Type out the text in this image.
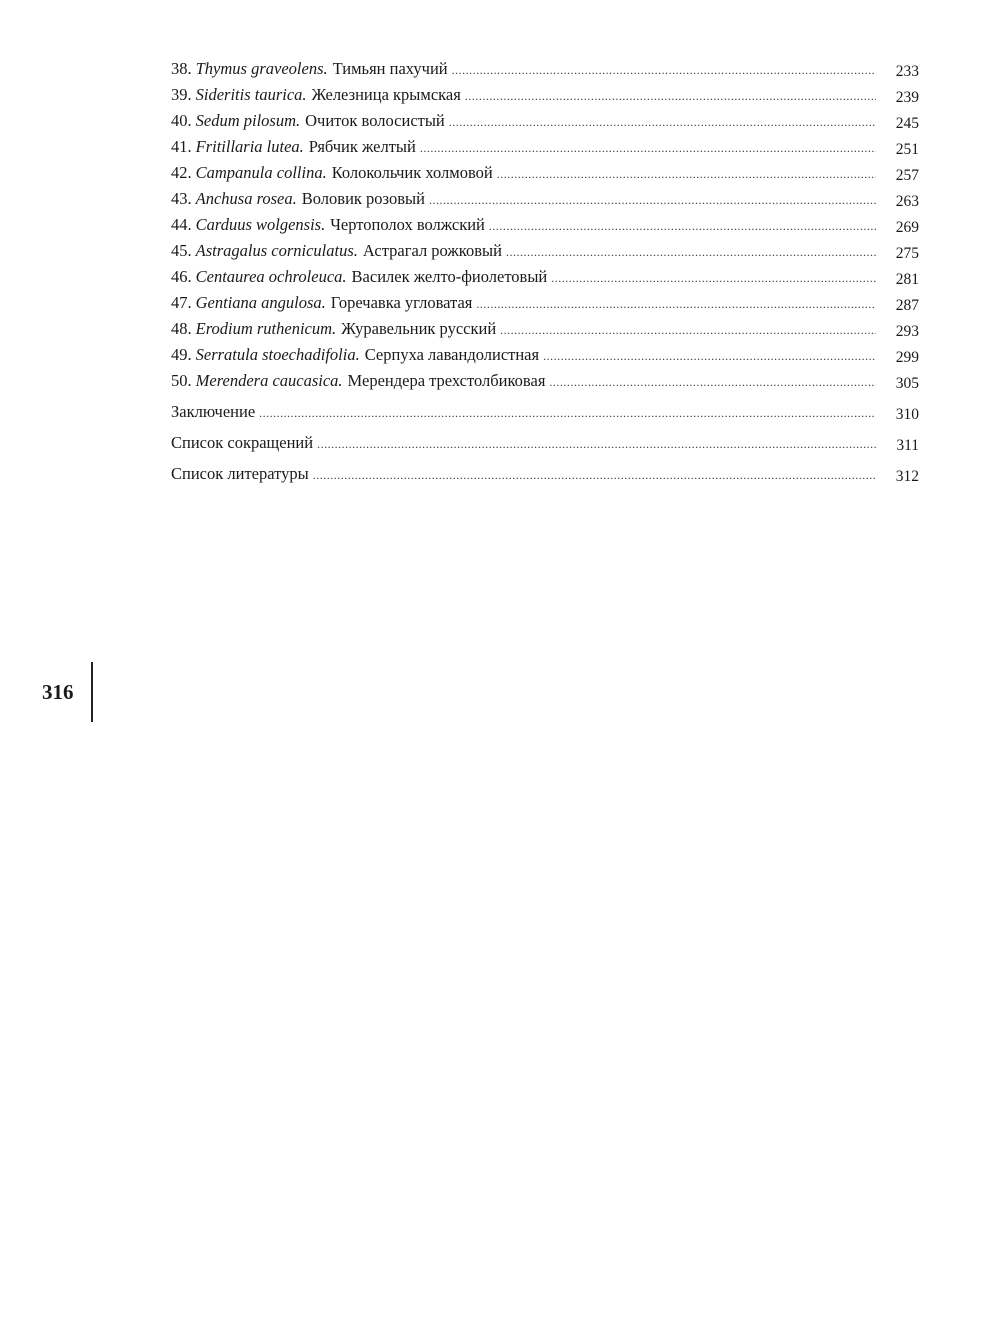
38. Thymus graveolens. Тимьян пахучий .....	233
39. Sideritis taurica. Железница крымская .....	239
40. Sedum pilosum. Очиток волосистый .....	245
41. Fritillaria lutea. Рябчик желтый .....	251
42. Campanula collina. Колокольчик холмовой .....	257
43. Anchusa rosea. Воловик розовый .....	263
44. Carduus wolgensis. Чертополох волжский .....	269
45. Astragalus corniculatus. Астрагал рожковый .....	275
46. Centaurea ochroleuca. Василек желто-фиолетовый .....	281
47. Gentiana angulosa. Горечавка угловатая .....	287
48. Erodium ruthenicum. Журавельник русский .....	293
49. Serratula stoechadifolia. Серпуха лавандолистная .....	299
50. Merendera caucasica. Мерендера трехстолбиковая .....	305
Заключение .....	310
Список сокращений .....	311
Список литературы .....	312
316
